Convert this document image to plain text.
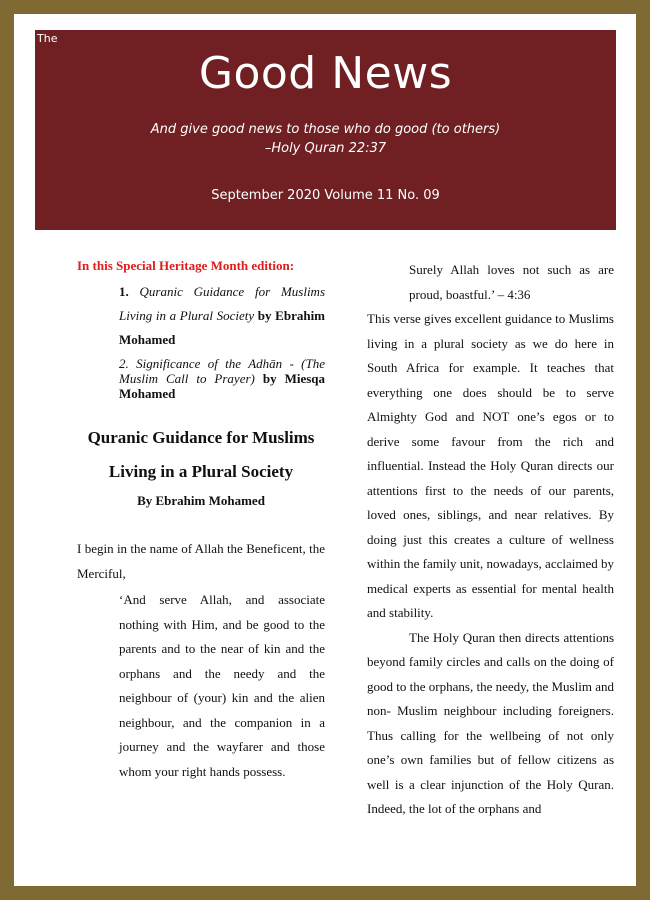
The
Good News
And give good news to those who do good (to others)
–Holy Quran 22:37
September 2020 Volume 11 No. 09
In this Special Heritage Month edition:
1. Quranic Guidance for Muslims Living in a Plural Society by Ebrahim Mohamed
2. Significance of the Adhān - (The Muslim Call to Prayer) by Miesqa Mohamed
Quranic Guidance for Muslims Living in a Plural Society
By Ebrahim Mohamed
I begin in the name of Allah the Beneficent, the Merciful,
‘And serve Allah, and associate nothing with Him, and be good to the parents and to the near of kin and the orphans and the needy and the neighbour of (your) kin and the alien neighbour, and the companion in a journey and the wayfarer and those whom your right hands possess.
Surely Allah loves not such as are proud, boastful.’ – 4:36
This verse gives excellent guidance to Muslims living in a plural society as we do here in South Africa for example. It teaches that everything one does should be to serve Almighty God and NOT one’s egos or to derive some favour from the rich and influential. Instead the Holy Quran directs our attentions first to the needs of our parents, loved ones, siblings, and near relatives. By doing just this creates a culture of wellness within the family unit, nowadays, acclaimed by medical experts as essential for mental health and stability.
The Holy Quran then directs attentions beyond family circles and calls on the doing of good to the orphans, the needy, the Muslim and non- Muslim neighbour including foreigners. Thus calling for the wellbeing of not only one’s own families but of fellow citizens as well is a clear injunction of the Holy Quran. Indeed, the lot of the orphans and
